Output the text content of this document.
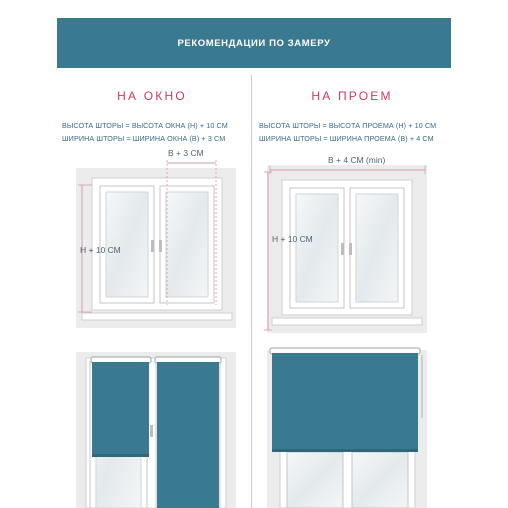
РЕКОМЕНДАЦИИ ПО ЗАМЕРУ
НА ОКНО	НА ПРОЕМ
ВЫСОТА ШТОРЫ = ВЫСОТА ОКНА (Н) + 10 СМ
ШИРИНА ШТОРЫ = ШИРИНА ОКНА (В) + 3 СМ
ВЫСОТА ШТОРЫ = ВЫСОТА ПРОЕМА (Н) + 10 СМ
ШИРИНА ШТОРЫ = ШИРИНА ПРОЕМА (В) + 4 СМ
В + 3 СМ
Н + 10 СМ
В + 4 СМ (min)
Н + 10 СМ
